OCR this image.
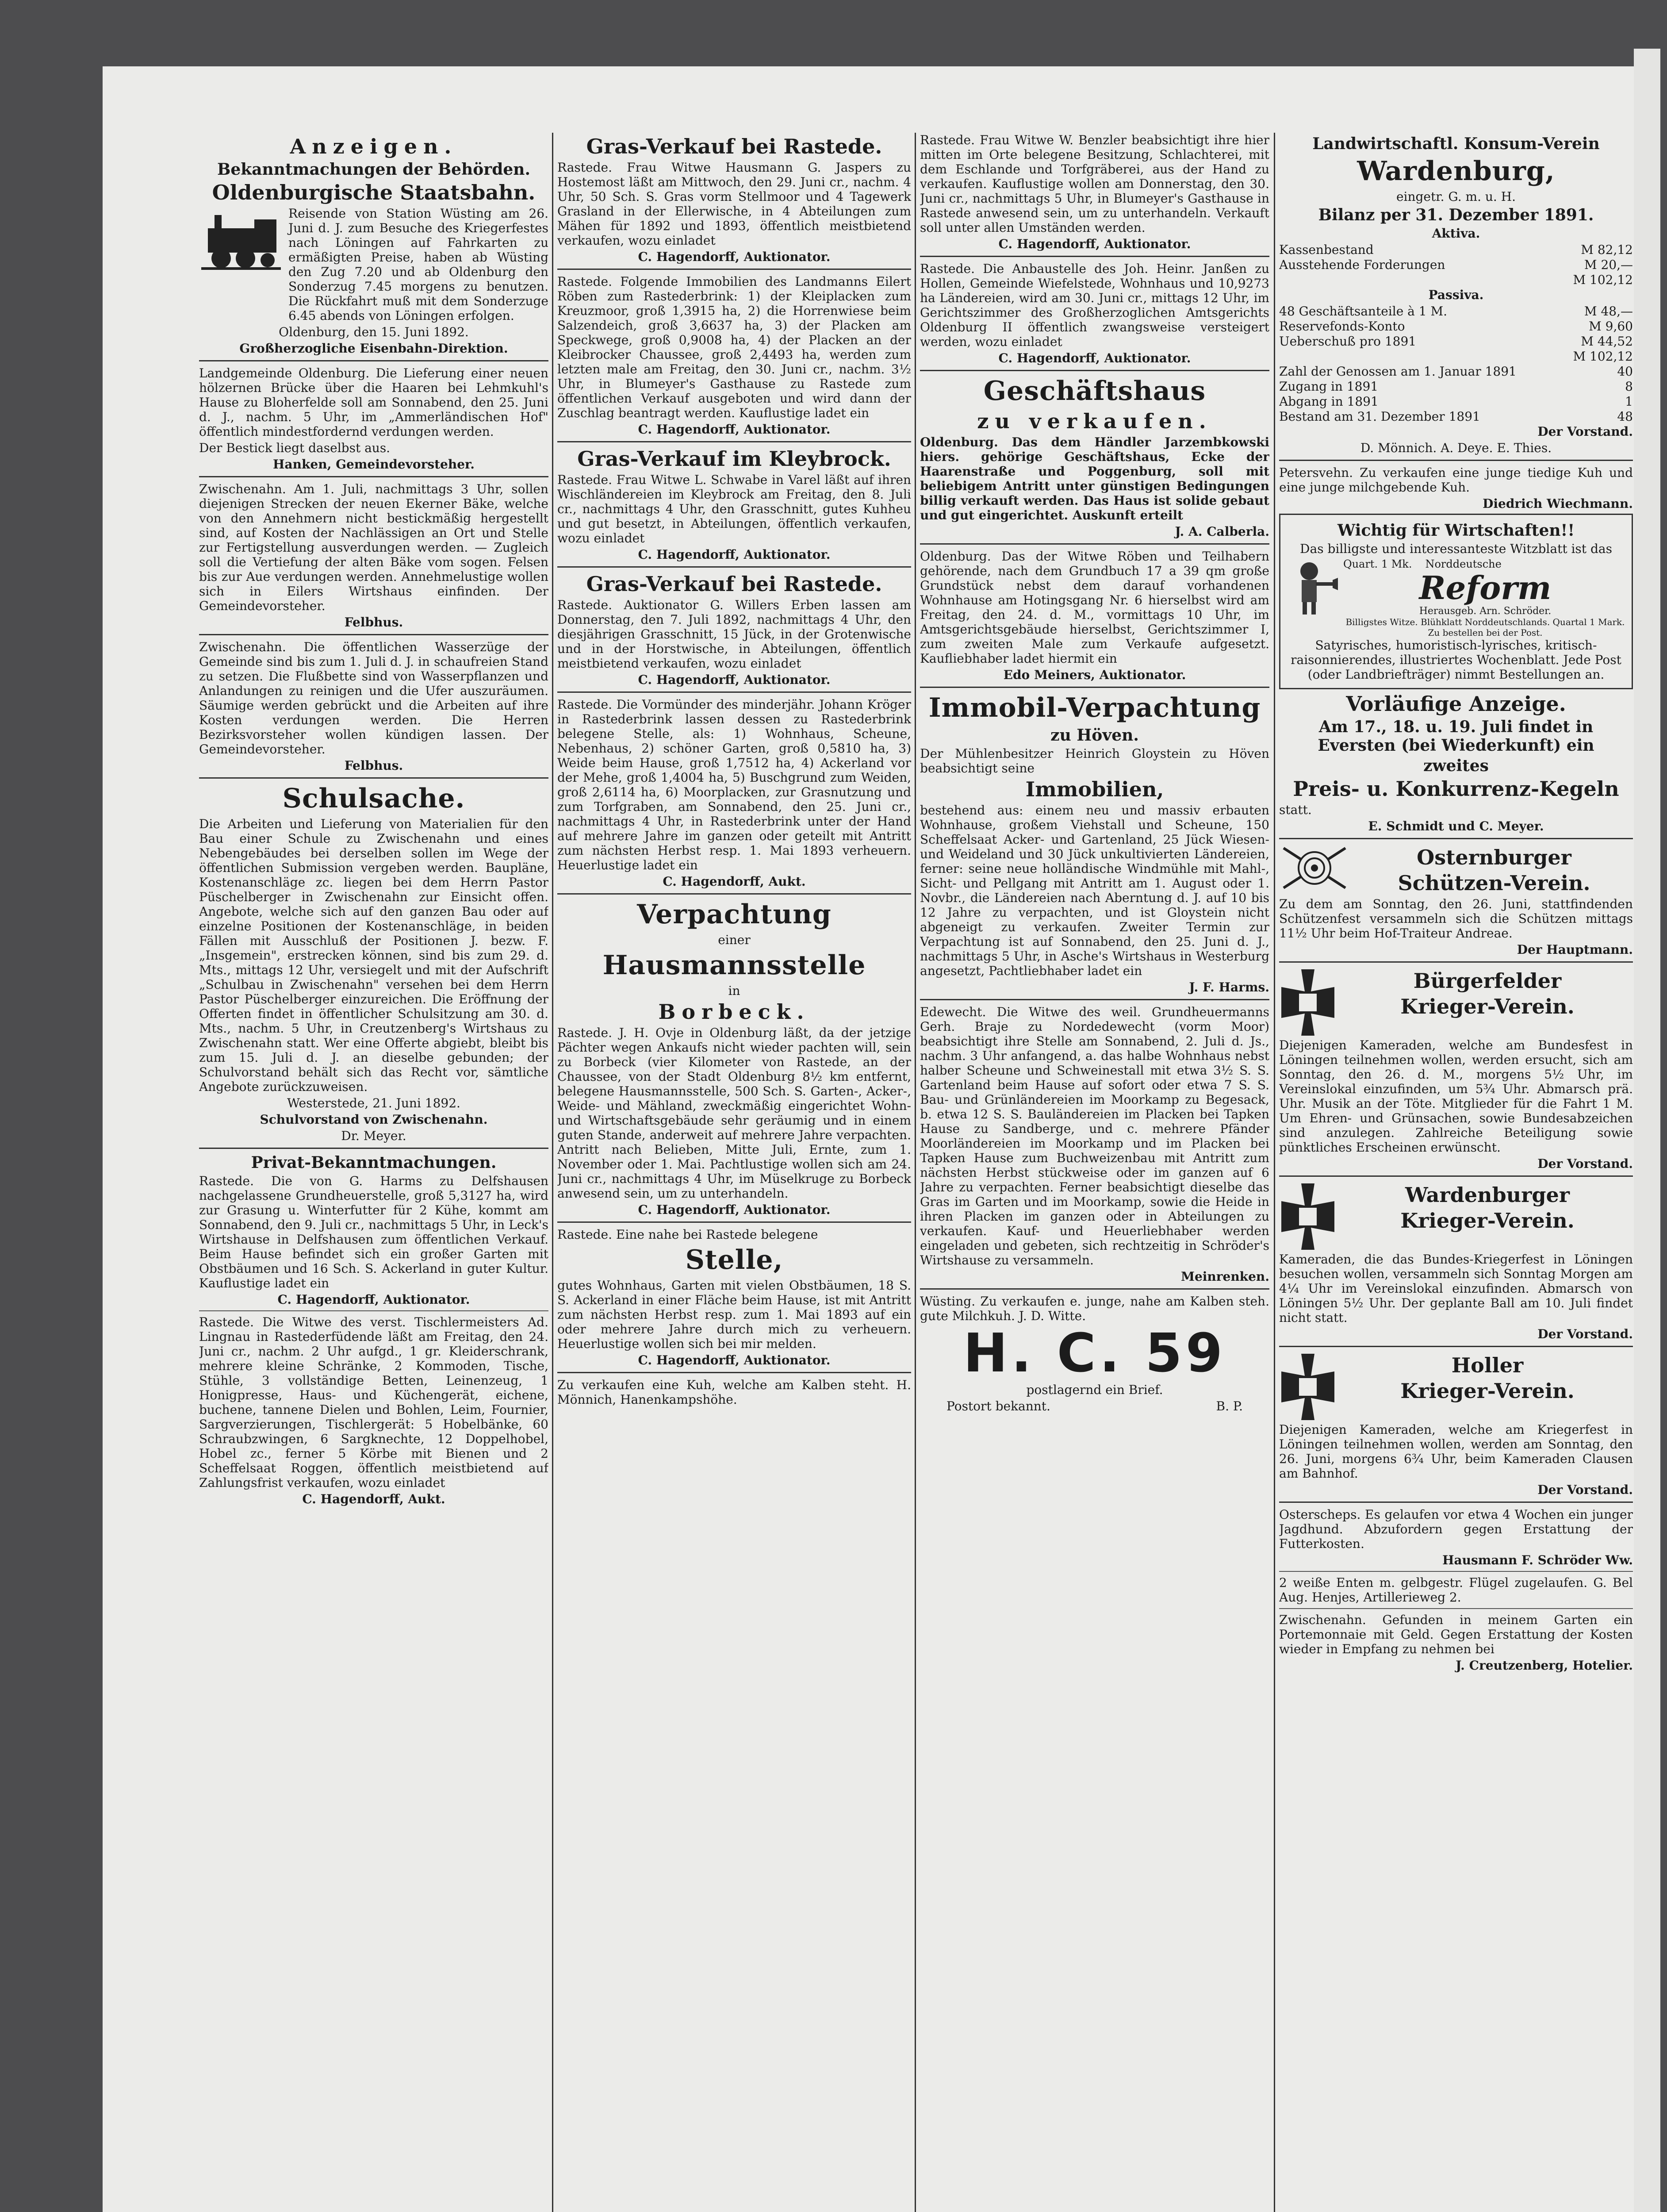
Anzeigen.
Bekanntmachungen der Behörden.
Oldenburgische Staatsbahn.

Reisende von Station Wüsting am 26. Juni d. J. zum Besuche des Kriegerfestes nach Löningen auf Fahrkarten zu ermäßigten Preise, haben ab Wüsting den Zug 7.20 und ab Oldenburg den Sonderzug 7.45 morgens zu benutzen. Die Rückfahrt muß mit dem Sonderzuge 6.45 abends von Löningen erfolgen.

Oldenburg, den 15. Juni 1892.

Großherzogliche Eisenbahn-Direktion.

Landgemeinde Oldenburg. Die Lieferung einer neuen hölzernen Brücke über die Haaren bei Lehmkuhl's Hause zu Bloherfelde soll am Sonnabend, den 25. Juni d. J., nachm. 5 Uhr, im „Ammerländischen Hof" öffentlich mindestfordernd verdungen werden.

Der Bestick liegt daselbst aus.

Hanken, Gemeindevorsteher.

Zwischenahn. Am 1. Juli, nachmittags 3 Uhr, sollen diejenigen Strecken der neuen Ekerner Bäke, welche von den Annehmern nicht bestickmäßig hergestellt sind, auf Kosten der Nachlässigen an Ort und Stelle zur Fertigstellung ausverdungen werden. — Zugleich soll die Vertiefung der alten Bäke vom sogen. Felsen bis zur Aue verdungen werden. Annehmelustige wollen sich in Eilers Wirtshaus einfinden. Der Gemeindevorsteher.

Felbhus.

Zwischenahn. Die öffentlichen Wasserzüge der Gemeinde sind bis zum 1. Juli d. J. in schaufreien Stand zu setzen. Die Flußbette sind von Wasserpflanzen und Anlandungen zu reinigen und die Ufer auszuräumen. Säumige werden gebrückt und die Arbeiten auf ihre Kosten verdungen werden. Die Herren Bezirksvorsteher wollen kündigen lassen. Der Gemeindevorsteher.

Felbhus.

Schulsache.

Die Arbeiten und Lieferung von Materialien für den Bau einer Schule zu Zwischenahn und eines Nebengebäudes bei derselben sollen im Wege der öffentlichen Submission vergeben werden. Baupläne, Kostenanschläge zc. liegen bei dem Herrn Pastor Püschelberger in Zwischenahn zur Einsicht offen. Angebote, welche sich auf den ganzen Bau oder auf einzelne Positionen der Kostenanschläge, in beiden Fällen mit Ausschluß der Positionen J. bezw. F. „Insgemein", erstrecken können, sind bis zum 29. d. Mts., mittags 12 Uhr, versiegelt und mit der Aufschrift „Schulbau in Zwischenahn" versehen bei dem Herrn Pastor Püschelberger einzureichen. Die Eröffnung der Offerten findet in öffentlicher Schulsitzung am 30. d. Mts., nachm. 5 Uhr, in Creutzenberg's Wirtshaus zu Zwischenahn statt. Wer eine Offerte abgiebt, bleibt bis zum 15. Juli d. J. an dieselbe gebunden; der Schulvorstand behält sich das Recht vor, sämtliche Angebote zurückzuweisen.

Westerstede, 21. Juni 1892.

Schulvorstand von Zwischenahn.

Dr. Meyer.

Privat-Bekanntmachungen.

Rastede. Die von G. Harms zu Delfshausen nachgelassene Grundheuerstelle, groß 5,3127 ha, wird zur Grasung u. Winterfutter für 2 Kühe, kommt am Sonnabend, den 9. Juli cr., nachmittags 5 Uhr, in Leck's Wirtshause in Delfshausen zum öffentlichen Verkauf. Beim Hause befindet sich ein großer Garten mit Obstbäumen und 16 Sch. S. Ackerland in guter Kultur. Kauflustige ladet ein

C. Hagendorff, Auktionator.

Rastede. Die Witwe des verst. Tischlermeisters Ad. Lingnau in Rastederfüdende läßt am Freitag, den 24. Juni cr., nachm. 2 Uhr aufgd., 1 gr. Kleiderschrank, mehrere kleine Schränke, 2 Kommoden, Tische, Stühle, 3 vollständige Betten, Leinenzeug, 1 Honigpresse, Haus- und Küchengerät, eichene, buchene, tannene Dielen und Bohlen, Leim, Fournier, Sargverzierungen, Tischlergerät: 5 Hobelbänke, 60 Schraubzwingen, 6 Sargknechte, 12 Doppelhobel, Hobel zc., ferner 5 Körbe mit Bienen und 2 Scheffelsaat Roggen, öffentlich meistbietend auf Zahlungsfrist verkaufen, wozu einladet

C. Hagendorff, Aukt.

Gras-Verkauf bei Rastede.

Rastede. Frau Witwe Hausmann G. Jaspers zu Hostemost läßt am Mittwoch, den 29. Juni cr., nachm. 4 Uhr, 50 Sch. S. Gras vorm Stellmoor und 4 Tagewerk Grasland in der Ellerwische, in 4 Abteilungen zum Mähen für 1892 und 1893, öffentlich meistbietend verkaufen, wozu einladet

C. Hagendorff, Auktionator.

Rastede. Folgende Immobilien des Landmanns Eilert Röben zum Rastederbrink: 1) der Kleiplacken zum Kreuzmoor, groß 1,3915 ha, 2) die Horrenwiese beim Salzendeich, groß 3,6637 ha, 3) der Placken am Speckwege, groß 0,9008 ha, 4) der Placken an der Kleibrocker Chaussee, groß 2,4493 ha, werden zum letzten male am Freitag, den 30. Juni cr., nachm. 3½ Uhr, in Blumeyer's Gasthause zu Rastede zum öffentlichen Verkauf ausgeboten und wird dann der Zuschlag beantragt werden. Kauflustige ladet ein

C. Hagendorff, Auktionator.

Gras-Verkauf im Kleybrock.

Rastede. Frau Witwe L. Schwabe in Varel läßt auf ihren Wischländereien im Kleybrock am Freitag, den 8. Juli cr., nachmittags 4 Uhr, den Grasschnitt, gutes Kuhheu und gut besetzt, in Abteilungen, öffentlich verkaufen, wozu einladet

C. Hagendorff, Auktionator.

Gras-Verkauf bei Rastede.

Rastede. Auktionator G. Willers Erben lassen am Donnerstag, den 7. Juli 1892, nachmittags 4 Uhr, den diesjährigen Grasschnitt, 15 Jück, in der Grotenwische und in der Horstwische, in Abteilungen, öffentlich meistbietend verkaufen, wozu einladet

C. Hagendorff, Auktionator.

Rastede. Die Vormünder des minderjähr. Johann Kröger in Rastederbrink lassen dessen zu Rastederbrink belegene Stelle, als: 1) Wohnhaus, Scheune, Nebenhaus, 2) schöner Garten, groß 0,5810 ha, 3) Weide beim Hause, groß 1,7512 ha, 4) Ackerland vor der Mehe, groß 1,4004 ha, 5) Buschgrund zum Weiden, groß 2,6114 ha, 6) Moorplacken, zur Grasnutzung und zum Torfgraben, am Sonnabend, den 25. Juni cr., nachmittags 4 Uhr, in Rastederbrink unter der Hand auf mehrere Jahre im ganzen oder geteilt mit Antritt zum nächsten Herbst resp. 1. Mai 1893 verheuern. Heuerlustige ladet ein

C. Hagendorff, Aukt.

Verpachtung

einer

Hausmannsstelle

in

Borbeck.

Rastede. J. H. Ovje in Oldenburg läßt, da der jetzige Pächter wegen Ankaufs nicht wieder pachten will, sein zu Borbeck (vier Kilometer von Rastede, an der Chaussee, von der Stadt Oldenburg 8½ km entfernt, belegene Hausmannsstelle, 500 Sch. S. Garten-, Acker-, Weide- und Mähland, zweckmäßig eingerichtet Wohn- und Wirtschaftsgebäude sehr geräumig und in einem guten Stande, anderweit auf mehrere Jahre verpachten. Antritt nach Belieben, Mitte Juli, Ernte, zum 1. November oder 1. Mai. Pachtlustige wollen sich am 24. Juni cr., nachmittags 4 Uhr, im Müselkruge zu Borbeck anwesend sein, um zu unterhandeln.

C. Hagendorff, Auktionator.

Rastede. Eine nahe bei Rastede belegene

Stelle,

gutes Wohnhaus, Garten mit vielen Obstbäumen, 18 S. S. Ackerland in einer Fläche beim Hause, ist mit Antritt zum nächsten Herbst resp. zum 1. Mai 1893 auf ein oder mehrere Jahre durch mich zu verheuern. Heuerlustige wollen sich bei mir melden.

C. Hagendorff, Auktionator.

Zu verkaufen eine Kuh, welche am Kalben steht. H. Mönnich, Hanenkampshöhe.

Rastede. Frau Witwe W. Benzler beabsichtigt ihre hier mitten im Orte belegene Besitzung, Schlachterei, mit dem Eschlande und Torfgräberei, aus der Hand zu verkaufen. Kauflustige wollen am Donnerstag, den 30. Juni cr., nachmittags 5 Uhr, in Blumeyer's Gasthause in Rastede anwesend sein, um zu unterhandeln. Verkauft soll unter allen Umständen werden.

C. Hagendorff, Auktionator.

Rastede. Die Anbaustelle des Joh. Heinr. Janßen zu Hollen, Gemeinde Wiefelstede, Wohnhaus und 10,9273 ha Ländereien, wird am 30. Juni cr., mittags 12 Uhr, im Gerichtszimmer des Großherzoglichen Amtsgerichts Oldenburg II öffentlich zwangsweise versteigert werden, wozu einladet

C. Hagendorff, Auktionator.

Geschäftshaus
zu verkaufen.

Oldenburg. Das dem Händler Jarzembkowski hiers. gehörige Geschäftshaus, Ecke der Haarenstraße und Poggenburg, soll mit beliebigem Antritt unter günstigen Bedingungen billig verkauft werden. Das Haus ist solide gebaut und gut eingerichtet. Auskunft erteilt

J. A. Calberla.

Oldenburg. Das der Witwe Röben und Teilhabern gehörende, nach dem Grundbuch 17 a 39 qm große Grundstück nebst dem darauf vorhandenen Wohnhause am Hotingsgang Nr. 6 hierselbst wird am Freitag, den 24. d. M., vormittags 10 Uhr, im Amtsgerichtsgebäude hierselbst, Gerichtszimmer I, zum zweiten Male zum Verkaufe aufgesetzt. Kaufliebhaber ladet hiermit ein

Edo Meiners, Auktionator.

Immobil-Verpachtung
zu Höven.

Der Mühlenbesitzer Heinrich Gloystein zu Höven beabsichtigt seine

Immobilien,

bestehend aus: einem neu und massiv erbauten Wohnhause, großem Viehstall und Scheune, 150 Scheffelsaat Acker- und Gartenland, 25 Jück Wiesen- und Weideland und 30 Jück unkultivierten Ländereien, ferner: seine neue holländische Windmühle mit Mahl-, Sicht- und Pellgang mit Antritt am 1. August oder 1. Novbr., die Ländereien nach Aberntung d. J. auf 10 bis 12 Jahre zu verpachten, und ist Gloystein nicht abgeneigt zu verkaufen. Zweiter Termin zur Verpachtung ist auf Sonnabend, den 25. Juni d. J., nachmittags 5 Uhr, in Asche's Wirtshaus in Westerburg angesetzt, Pachtliebhaber ladet ein

J. F. Harms.

Edewecht. Die Witwe des weil. Grundheuermanns Gerh. Braje zu Nordedewecht (vorm Moor) beabsichtigt ihre Stelle am Sonnabend, 2. Juli d. Js., nachm. 3 Uhr anfangend, a. das halbe Wohnhaus nebst halber Scheune und Schweinestall mit etwa 3½ S. S. Gartenland beim Hause auf sofort oder etwa 7 S. S. Bau- und Grünländereien im Moorkamp zu Begesack, b. etwa 12 S. S. Bauländereien im Placken bei Tapken Hause zu Sandberge, und c. mehrere Pfänder Moorländereien im Moorkamp und im Placken bei Tapken Hause zum Buchweizenbau mit Antritt zum nächsten Herbst stückweise oder im ganzen auf 6 Jahre zu verpachten. Ferner beabsichtigt dieselbe das Gras im Garten und im Moorkamp, sowie die Heide in ihren Placken im ganzen oder in Abteilungen zu verkaufen. Kauf- und Heuerliebhaber werden eingeladen und gebeten, sich rechtzeitig in Schröder's Wirtshause zu versammeln.

Meinrenken.

Wüsting. Zu verkaufen e. junge, nahe am Kalben steh. gute Milchkuh. J. D. Witte.

H. C. 59

postlagernd ein Brief.

Postort bekannt.	B. P.
Landwirtschaftl. Konsum-Verein
Wardenburg,

eingetr. G. m. u. H.

Bilanz per 31. Dezember 1891.

Aktiva.

Kassenbestand	M 82,12
Ausstehende Forderungen	M 20,—
M 102,12

Passiva.

48 Geschäftsanteile à 1 M.	M 48,—
Reservefonds-Konto	M 9,60
Ueberschuß pro 1891	M 44,52
M 102,12
Zahl der Genossen am 1. Januar 1891	40
Zugang in 1891	8
Abgang in 1891	1
Bestand am 31. Dezember 1891	48

Der Vorstand.

D. Mönnich. A. Deye. E. Thies.

Petersvehn. Zu verkaufen eine junge tiedige Kuh und eine junge milchgebende Kuh.

Diedrich Wiechmann.

Wichtig für Wirtschaften!!

Das billigste und interessanteste Witzblatt ist das

Quart. 1 Mk. Norddeutsche
Reform
Herausgeb. Arn. Schröder.
Billigstes Witze. Blühklatt Norddeutschlands. Quartal 1 Mark. Zu bestellen bei der Post.

Satyrisches, humoristisch-lyrisches, kritisch-raisonnierendes, illustriertes Wochenblatt. Jede Post (oder Landbriefträger) nimmt Bestellungen an.

Vorläufige Anzeige.

Am 17., 18. u. 19. Juli findet in Eversten (bei Wiederkunft) ein

zweites
Preis- u. Konkurrenz-Kegeln

statt.

E. Schmidt und C. Meyer.

Osternburger
Schützen-Verein.

Zu dem am Sonntag, den 26. Juni, stattfindenden Schützenfest versammeln sich die Schützen mittags 11½ Uhr beim Hof-Traiteur Andreae.

Der Hauptmann.

Bürgerfelder
Krieger-Verein.

Diejenigen Kameraden, welche am Bundesfest in Löningen teilnehmen wollen, werden ersucht, sich am Sonntag, den 26. d. M., morgens 5½ Uhr, im Vereinslokal einzufinden, um 5¾ Uhr. Abmarsch prä. Uhr. Musik an der Töte. Mitglieder für die Fahrt 1 M. Um Ehren- und Grünsachen, sowie Bundesabzeichen sind anzulegen. Zahlreiche Beteiligung sowie pünktliches Erscheinen erwünscht.

Der Vorstand.

Wardenburger
Krieger-Verein.

Kameraden, die das Bundes-Kriegerfest in Löningen besuchen wollen, versammeln sich Sonntag Morgen am 4¼ Uhr im Vereinslokal einzufinden. Abmarsch von Löningen 5½ Uhr. Der geplante Ball am 10. Juli findet nicht statt.

Der Vorstand.

Holler
Krieger-Verein.

Diejenigen Kameraden, welche am Kriegerfest in Löningen teilnehmen wollen, werden am Sonntag, den 26. Juni, morgens 6¾ Uhr, beim Kameraden Clausen am Bahnhof.

Der Vorstand.

Osterscheps. Es gelaufen vor etwa 4 Wochen ein junger Jagdhund. Abzufordern gegen Erstattung der Futterkosten.

Hausmann F. Schröder Ww.

2 weiße Enten m. gelbgestr. Flügel zugelaufen. G. Bel Aug. Henjes, Artillerieweg 2.

Zwischenahn. Gefunden in meinem Garten ein Portemonnaie mit Geld. Gegen Erstattung der Kosten wieder in Empfang zu nehmen bei

J. Creutzenberg, Hotelier.
